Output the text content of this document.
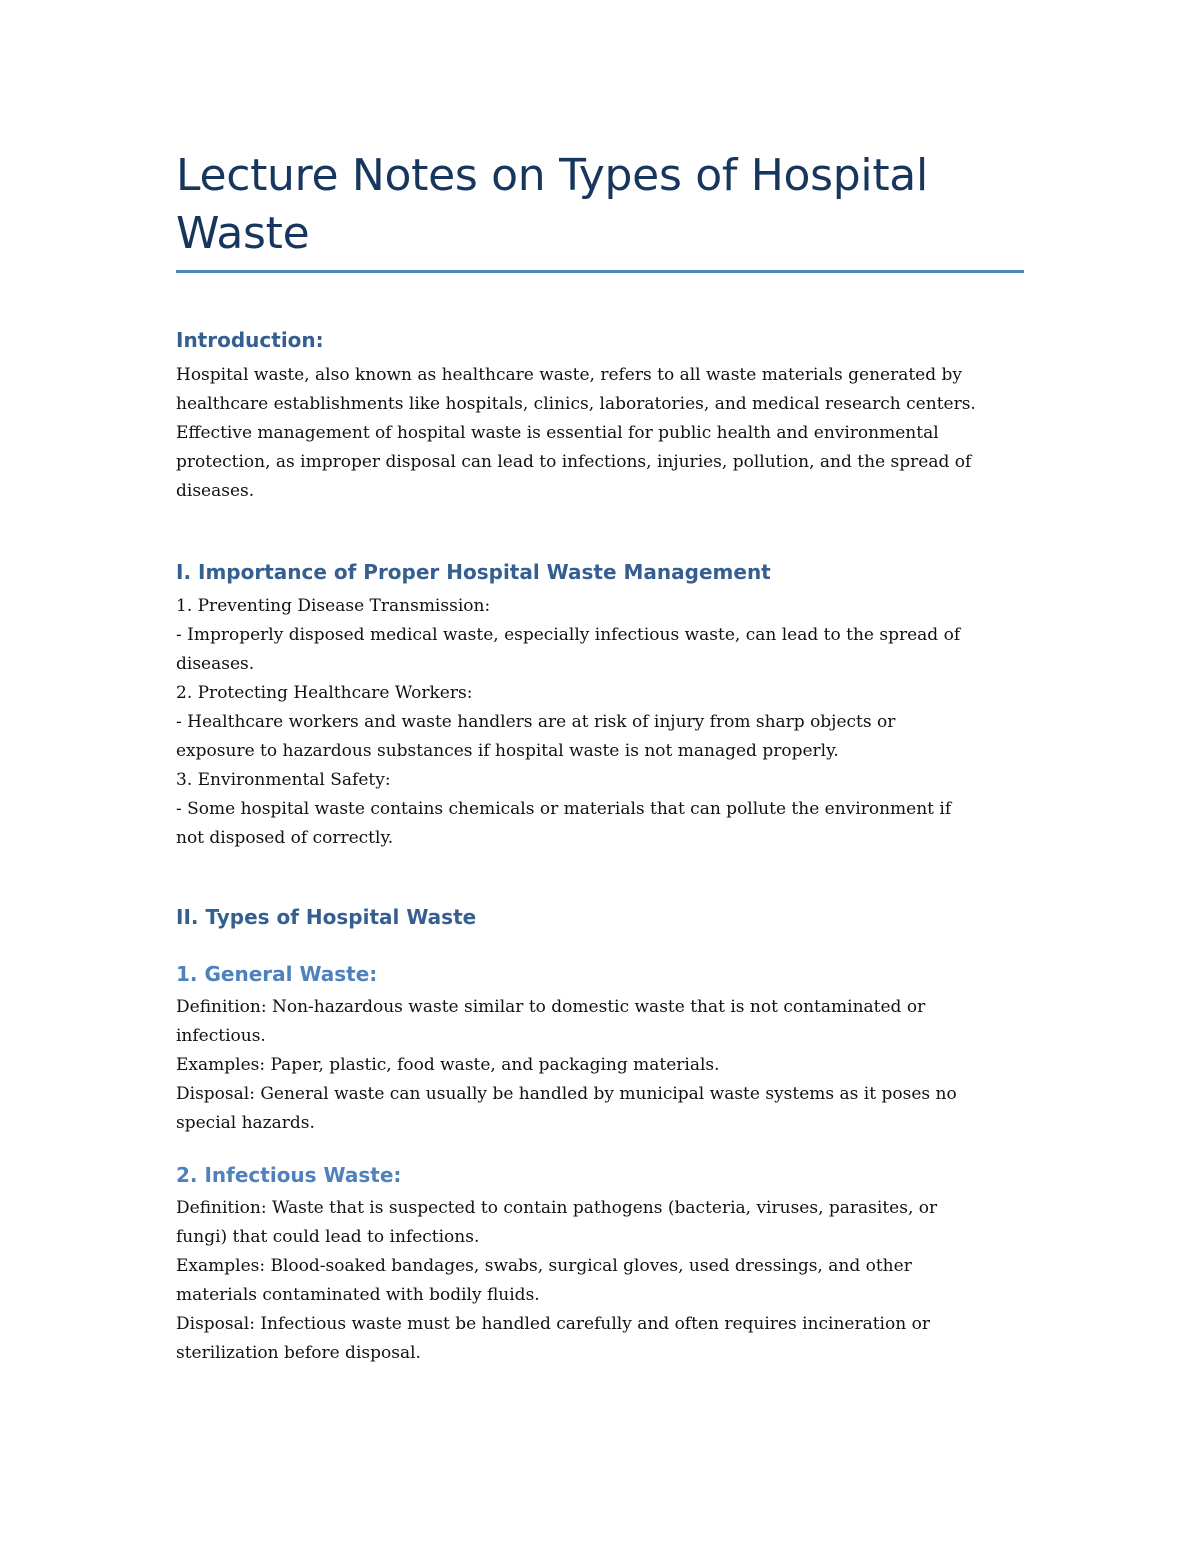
Lecture Notes on Types of Hospital Waste
Introduction:
Hospital waste, also known as healthcare waste, refers to all waste materials generated by
healthcare establishments like hospitals, clinics, laboratories, and medical research centers.
Effective management of hospital waste is essential for public health and environmental
protection, as improper disposal can lead to infections, injuries, pollution, and the spread of
diseases.
I. Importance of Proper Hospital Waste Management
1. Preventing Disease Transmission:
- Improperly disposed medical waste, especially infectious waste, can lead to the spread of
diseases.
2. Protecting Healthcare Workers:
- Healthcare workers and waste handlers are at risk of injury from sharp objects or
exposure to hazardous substances if hospital waste is not managed properly.
3. Environmental Safety:
- Some hospital waste contains chemicals or materials that can pollute the environment if
not disposed of correctly.
II. Types of Hospital Waste
1. General Waste:
Definition: Non-hazardous waste similar to domestic waste that is not contaminated or
infectious.
Examples: Paper, plastic, food waste, and packaging materials.
Disposal: General waste can usually be handled by municipal waste systems as it poses no
special hazards.
2. Infectious Waste:
Definition: Waste that is suspected to contain pathogens (bacteria, viruses, parasites, or
fungi) that could lead to infections.
Examples: Blood-soaked bandages, swabs, surgical gloves, used dressings, and other
materials contaminated with bodily fluids.
Disposal: Infectious waste must be handled carefully and often requires incineration or
sterilization before disposal.
